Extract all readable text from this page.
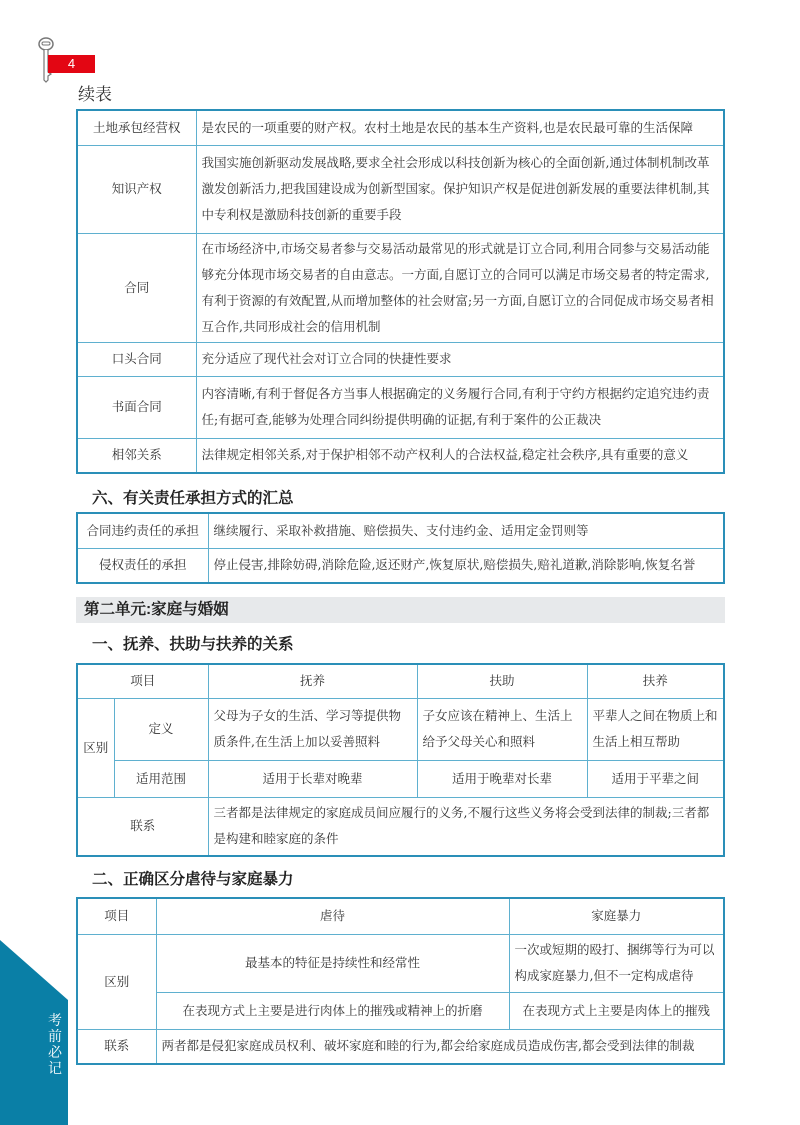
4
续表
土地承包经营权	是农民的一项重要的财产权。农村土地是农民的基本生产资料,也是农民最可靠的生活保障
知识产权	我国实施创新驱动发展战略,要求全社会形成以科技创新为核心的全面创新,通过体制机制改革激发创新活力,把我国建设成为创新型国家。保护知识产权是促进创新发展的重要法律机制,其中专利权是激励科技创新的重要手段
合同	在市场经济中,市场交易者参与交易活动最常见的形式就是订立合同,利用合同参与交易活动能够充分体现市场交易者的自由意志。一方面,自愿订立的合同可以满足市场交易者的特定需求,有利于资源的有效配置,从而增加整体的社会财富;另一方面,自愿订立的合同促成市场交易者相互合作,共同形成社会的信用机制
口头合同	充分适应了现代社会对订立合同的快捷性要求
书面合同	内容清晰,有利于督促各方当事人根据确定的义务履行合同,有利于守约方根据约定追究违约责任;有据可查,能够为处理合同纠纷提供明确的证据,有利于案件的公正裁决
相邻关系	法律规定相邻关系,对于保护相邻不动产权利人的合法权益,稳定社会秩序,具有重要的意义
六、有关责任承担方式的汇总
合同违约责任的承担	继续履行、采取补救措施、赔偿损失、支付违约金、适用定金罚则等
侵权责任的承担	停止侵害,排除妨碍,消除危险,返还财产,恢复原状,赔偿损失,赔礼道歉,消除影响,恢复名誉
第二单元:家庭与婚姻
一、抚养、扶助与扶养的关系
项目		抚养	扶助	扶养
区别	定义	父母为子女的生活、学习等提供物质条件,在生活上加以妥善照料	子女应该在精神上、生活上给予父母关心和照料	平辈人之间在物质上和生活上相互帮助
	适用范围	适用于长辈对晚辈	适用于晚辈对长辈	适用于平辈之间
联系		三者都是法律规定的家庭成员间应履行的义务,不履行这些义务将会受到法律的制裁;三者都是构建和睦家庭的条件		
二、正确区分虐待与家庭暴力
项目	虐待	家庭暴力
区别	最基本的特征是持续性和经常性	一次或短期的殴打、捆绑等行为可以构成家庭暴力,但不一定构成虐待
	在表现方式上主要是进行肉体上的摧残或精神上的折磨	在表现方式上主要是肉体上的摧残
联系	两者都是侵犯家庭成员权利、破坏家庭和睦的行为,都会给家庭成员造成伤害,都会受到法律的制裁	
考前必记
